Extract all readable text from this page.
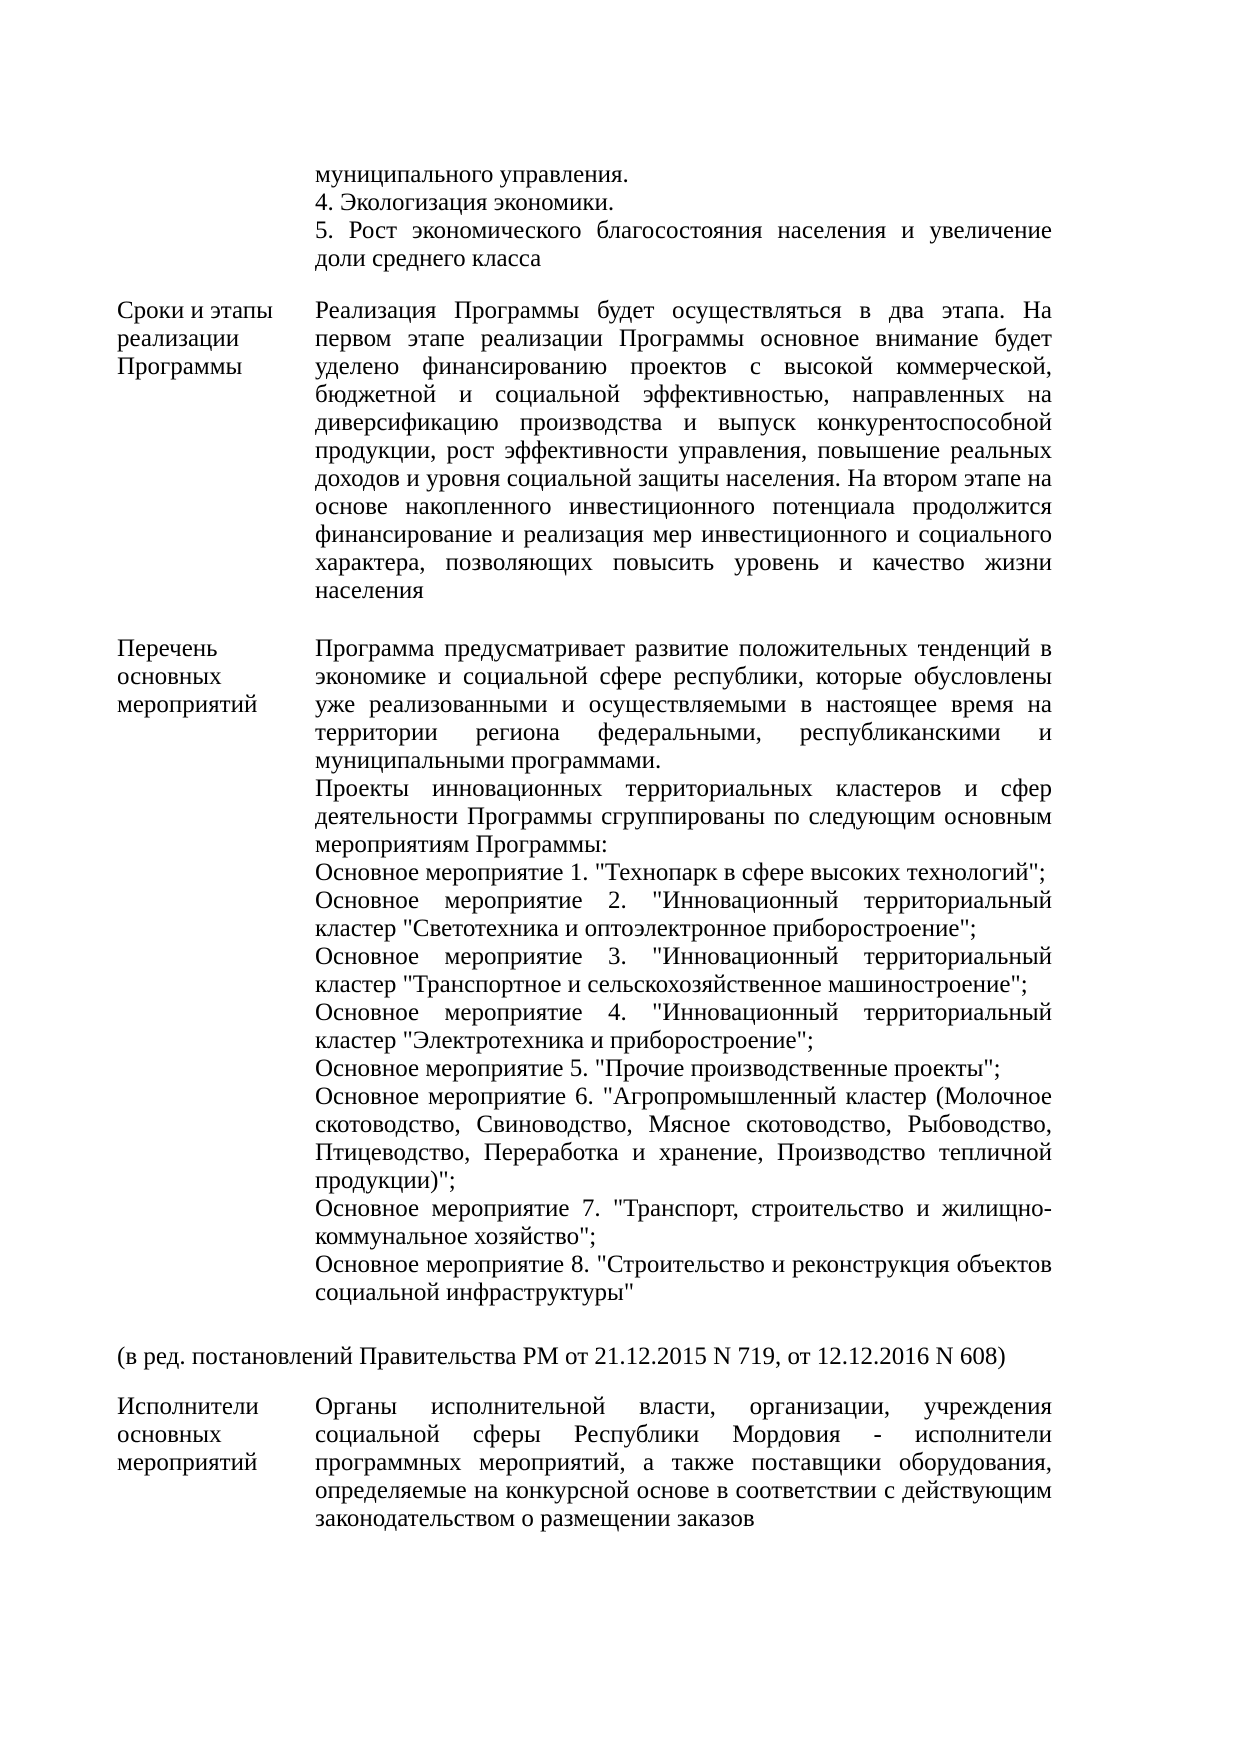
муниципального управления.

4. Экологизация экономики.

5. Рост экономического благосостояния населения и увеличение доли среднего класса

Сроки и этапы реализации Программы

Реализация Программы будет осуществляться в два этапа. На первом этапе реализации Программы основное внимание будет уделено финансированию проектов с высокой коммерческой, бюджетной и социальной эффективностью, направленных на диверсификацию производства и выпуск конкурентоспособной продукции, рост эффективности управления, повышение реальных доходов и уровня социальной защиты населения. На втором этапе на основе накопленного инвестиционного потенциала продолжится финансирование и реализация мер инвестиционного и социального характера, позволяющих повысить уровень и качество жизни населения

Перечень основных мероприятий

Программа предусматривает развитие положительных тенденций в экономике и социальной сфере республики, которые обусловлены уже реализованными и осуществляемыми в настоящее время на территории региона федеральными, республиканскими и муниципальными программами.

Проекты инновационных территориальных кластеров и сфер деятельности Программы сгруппированы по следующим основным мероприятиям Программы:

Основное мероприятие 1. "Технопарк в сфере высоких технологий";

Основное мероприятие 2. "Инновационный территориальный кластер "Светотехника и оптоэлектронное приборостроение";

Основное мероприятие 3. "Инновационный территориальный кластер "Транспортное и сельскохозяйственное машиностроение";

Основное мероприятие 4. "Инновационный территориальный кластер "Электротехника и приборостроение";

Основное мероприятие 5. "Прочие производственные проекты";

Основное мероприятие 6. "Агропромышленный кластер (Молочное скотоводство, Свиноводство, Мясное скотоводство, Рыбоводство, Птицеводство, Переработка и хранение, Производство тепличной продукции)";

Основное мероприятие 7. "Транспорт, строительство и жилищно-коммунальное хозяйство";

Основное мероприятие 8. "Строительство и реконструкция объектов социальной инфраструктуры"

(в ред. постановлений Правительства РМ от 21.12.2015 N 719, от 12.12.2016 N 608)

Исполнители основных мероприятий

Органы исполнительной власти, организации, учреждения социальной сферы Республики Мордовия - исполнители программных мероприятий, а также поставщики оборудования, определяемые на конкурсной основе в соответствии с действующим законодательством о размещении заказов
